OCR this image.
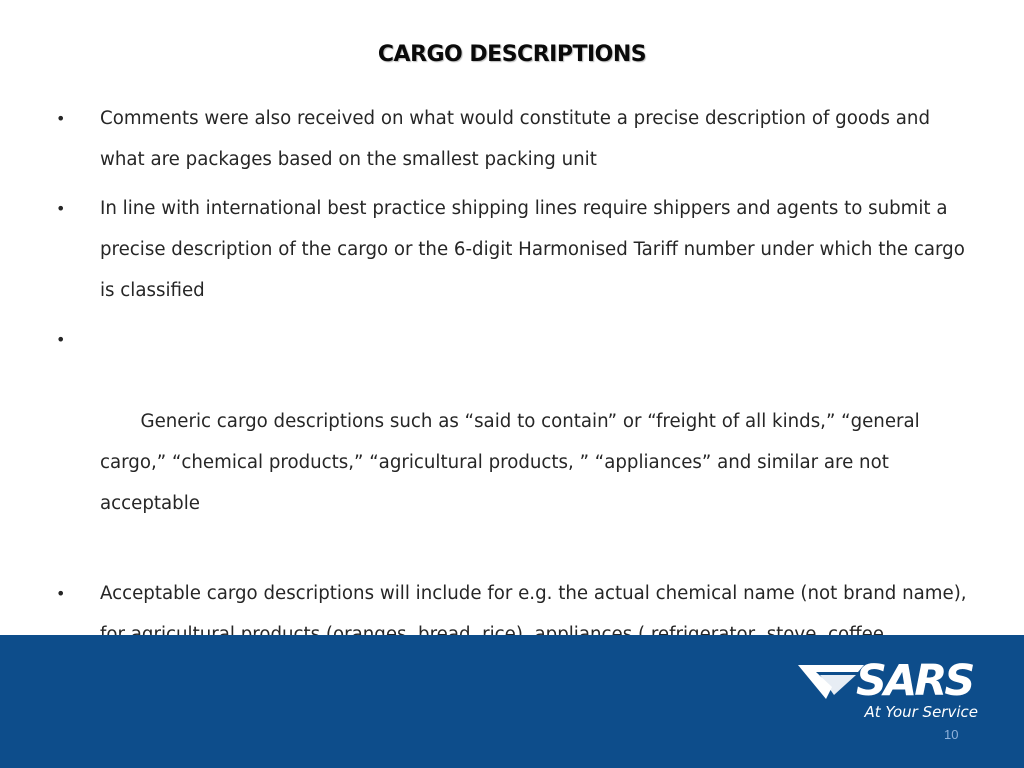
CARGO DESCRIPTIONS
•	Comments were also received on what would constitute a precise description of goods and what are packages based on the smallest packing unit
•	In line with international best practice shipping lines require shippers and agents to submit a precise description of the cargo or the 6-digit Harmonised Tariff number under which the cargo is classified

•

Generic cargo descriptions such as “said to contain” or “freight of all kinds,” “general cargo,” “chemical products,” “agricultural products, ” “appliances” and similar are not acceptable

•	Acceptable cargo descriptions will include for e.g. the actual chemical name (not brand name),
SARS
At Your Service
10
